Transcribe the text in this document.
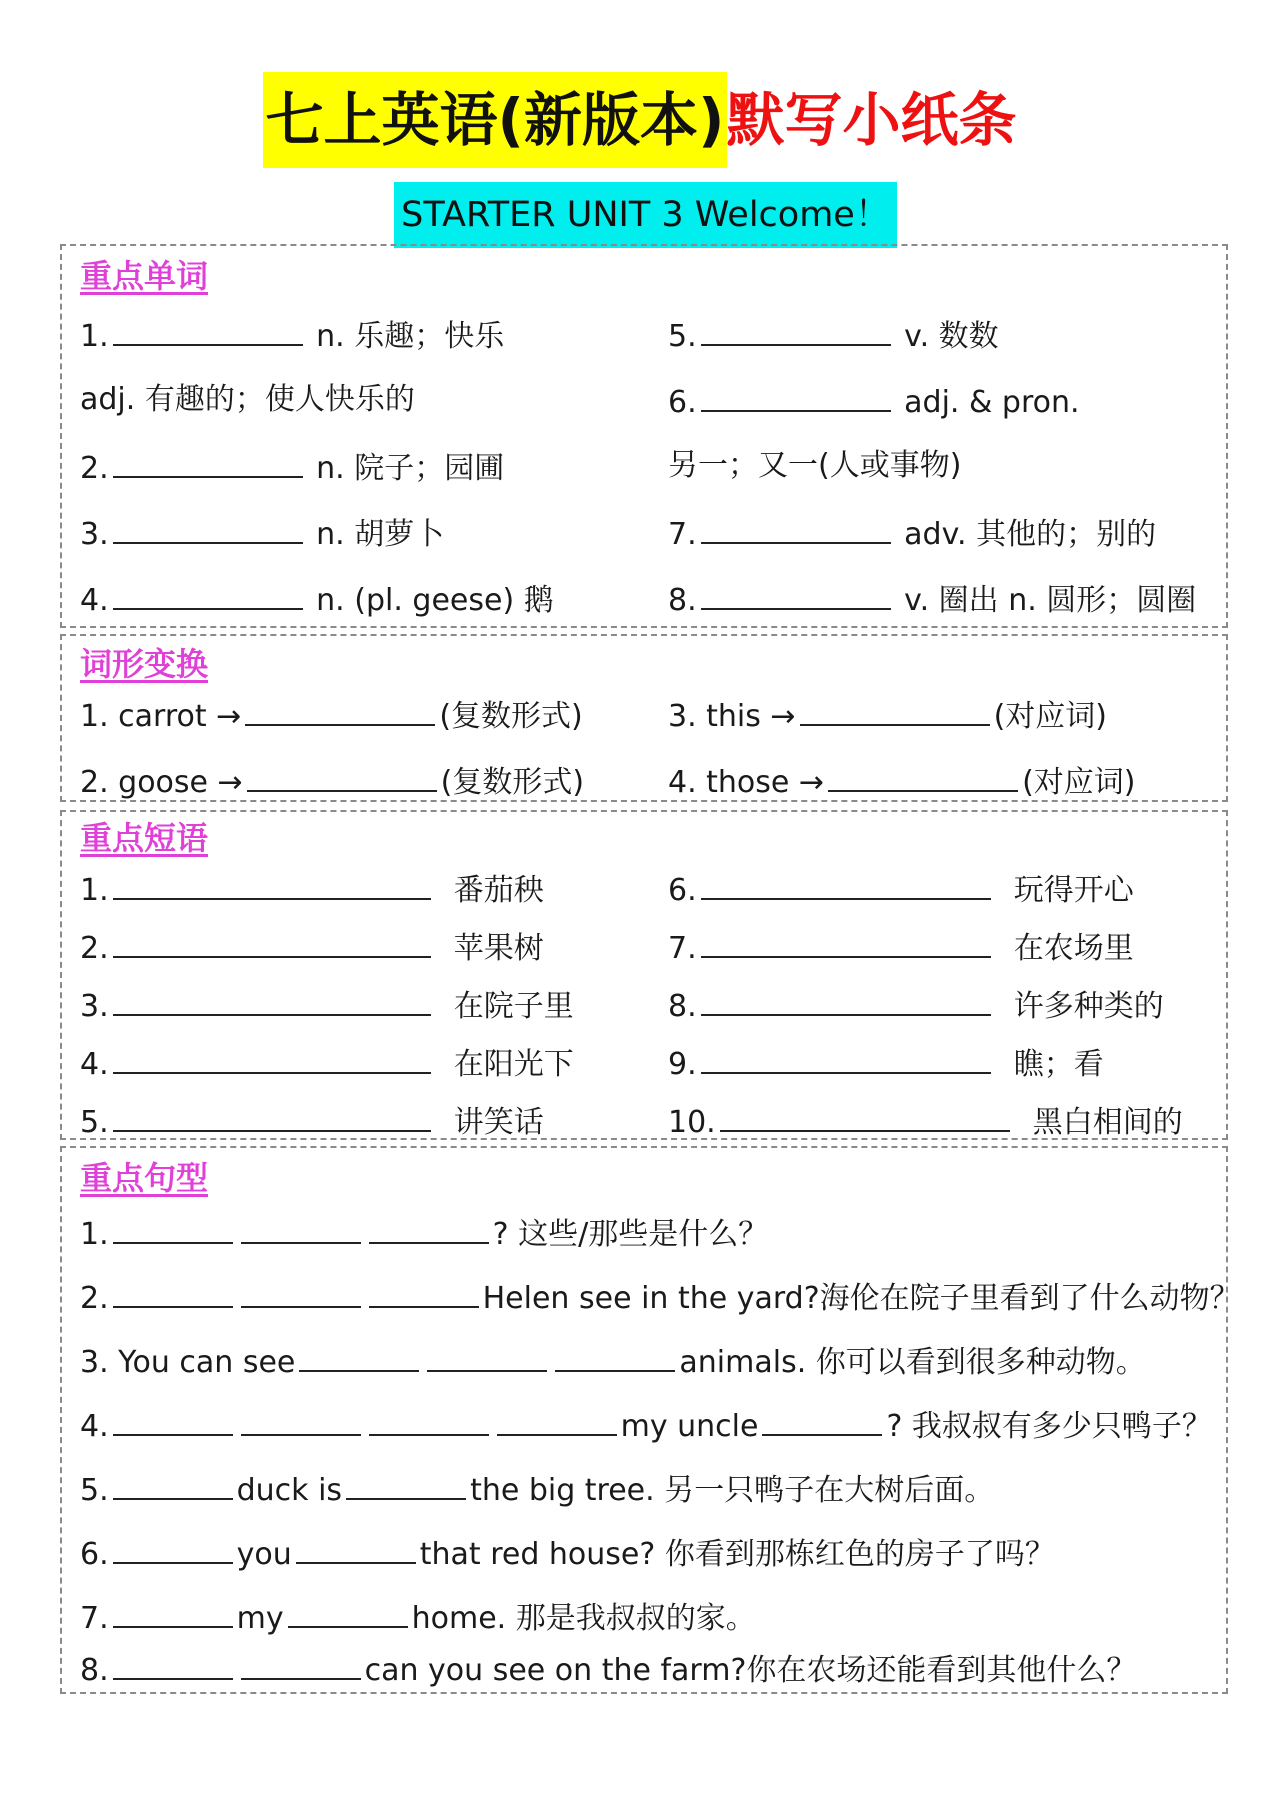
七上英语(新版本)默写小纸条
STARTER UNIT 3 Welcome！
重点单词
1.	n. 乐趣；快乐
adj. 有趣的；使人快乐的
2.	n. 院子；园圃
3.	n. 胡萝卜
4.	n. (pl. geese) 鹅
5.	v. 数数
6.	adj. & pron.
另一；又一(人或事物)
7.	adv. 其他的；别的
8.	v. 圈出 n. 圆形；圆圈
词形变换
1. carrot →	(复数形式)
2. goose →	(复数形式)
3. this →	(对应词)
4. those →	(对应词)
重点短语
1.	番茄秧
2.	苹果树
3.	在院子里
4.	在阳光下
5.	讲笑话
6.	玩得开心
7.	在农场里
8.	许多种类的
9.	瞧；看
10.	黑白相间的
重点句型
1.	? 这些/那些是什么？
2.	Helen see in the yard?海伦在院子里看到了什么动物？
3. You can see	animals. 你可以看到很多种动物。
4.	my uncle	? 我叔叔有多少只鸭子？
5.	duck is	the big tree. 另一只鸭子在大树后面。
6.	you	that red house? 你看到那栋红色的房子了吗？
7.	my	home. 那是我叔叔的家。
8.	can you see on the farm?你在农场还能看到其他什么？
